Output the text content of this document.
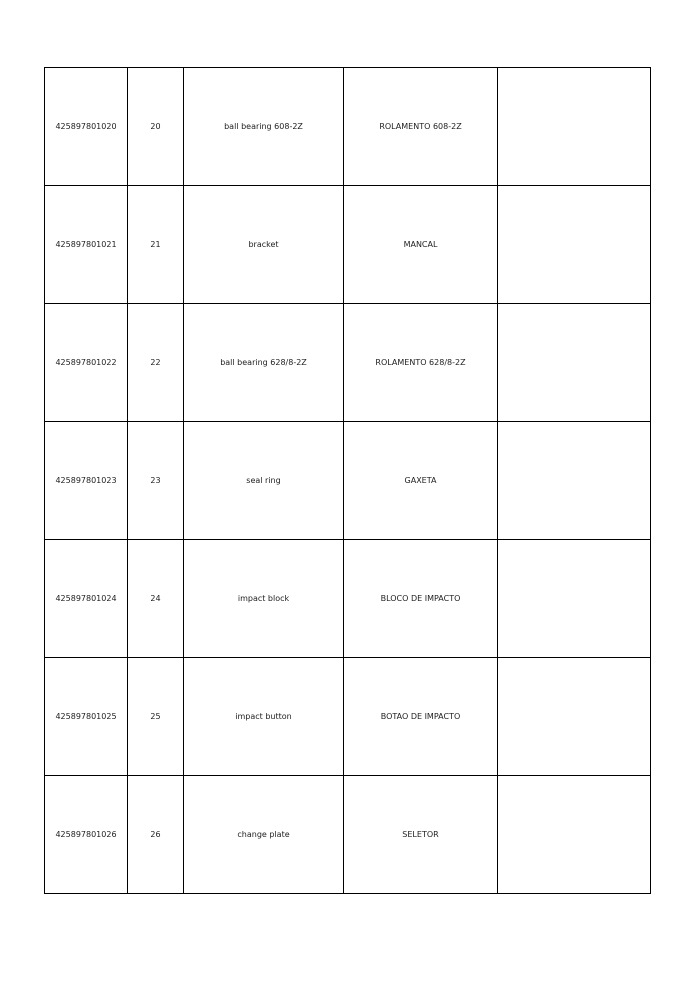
425897801020	20	ball bearing 608-2Z	ROLAMENTO 608-2Z	
425897801021	21	bracket	MANCAL	
425897801022	22	ball bearing 628/8-2Z	ROLAMENTO 628/8-2Z	
425897801023	23	seal ring	GAXETA	
425897801024	24	impact block	BLOCO DE IMPACTO	
425897801025	25	impact button	BOTAO DE IMPACTO	
425897801026	26	change plate	SELETOR	
